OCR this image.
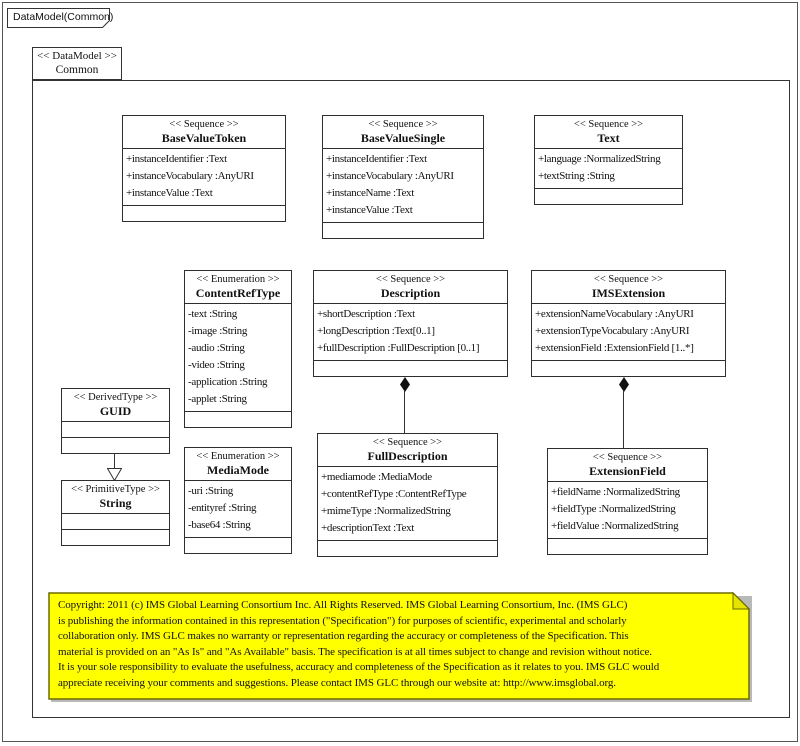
DataModel(Common)
<< DataModel >>
Common
<< Sequence >>
BaseValueToken
+instanceIdentifier :Text
+instanceVocabulary :AnyURI
+instanceValue :Text
<< Sequence >>
BaseValueSingle
+instanceIdentifier :Text
+instanceVocabulary :AnyURI
+instanceName :Text
+instanceValue :Text
<< Sequence >>
Text
+language :NormalizedString
+textString :String
<< Enumeration >>
ContentRefType
-text :String
-image :String
-audio :String
-video :String
-application :String
-applet :String
<< Sequence >>
Description
+shortDescription :Text
+longDescription :Text[0..1]
+fullDescription :FullDescription [0..1]
<< Sequence >>
IMSExtension
+extensionNameVocabulary :AnyURI
+extensionTypeVocabulary :AnyURI
+extensionField :ExtensionField [1..*]
<< DerivedType >>
GUID
<< Enumeration >>
MediaMode
-uri :String
-entityref :String
-base64 :String
<< Sequence >>
FullDescription
+mediamode :MediaMode
+contentRefType :ContentRefType
+mimeType :NormalizedString
+descriptionText :Text
<< Sequence >>
ExtensionField
+fieldName :NormalizedString
+fieldType :NormalizedString
+fieldValue :NormalizedString
<< PrimitiveType >>
String
Copyright: 2011 (c) IMS Global Learning Consortium Inc. All Rights Reserved. IMS Global Learning Consortium, Inc. (IMS GLC)
is publishing the information contained in this representation ("Specification") for purposes of scientific, experimental and scholarly
collaboration only. IMS GLC makes no warranty or representation regarding the accuracy or completeness of the Specification. This
material is provided on an "As Is" and "As Available" basis. The specification is at all times subject to change and revision without notice.
It is your sole responsibility to evaluate the usefulness, accuracy and completeness of the Specification as it relates to you. IMS GLC would
appreciate receiving your comments and suggestions. Please contact IMS GLC through our website at: http://www.imsglobal.org.
